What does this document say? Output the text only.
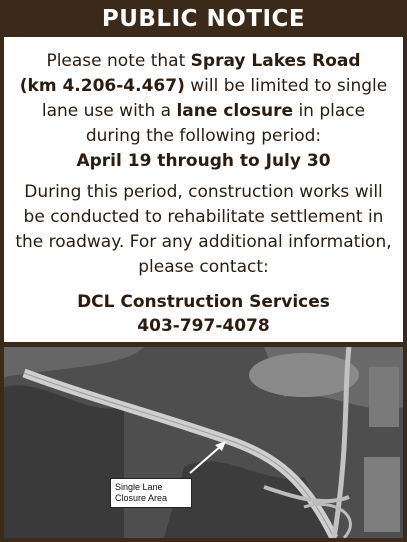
PUBLIC NOTICE

Please note that Spray Lakes Road
(km 4.206-4.467) will be limited to single lane use with a lane closure in place during the following period:

April 19 through to July 30

During this period, construction works will be conducted to rehabilitate settlement in the roadway. For any additional information, please contact:

DCL Construction Services

403-797-4078

Single Lane
Closure Area
